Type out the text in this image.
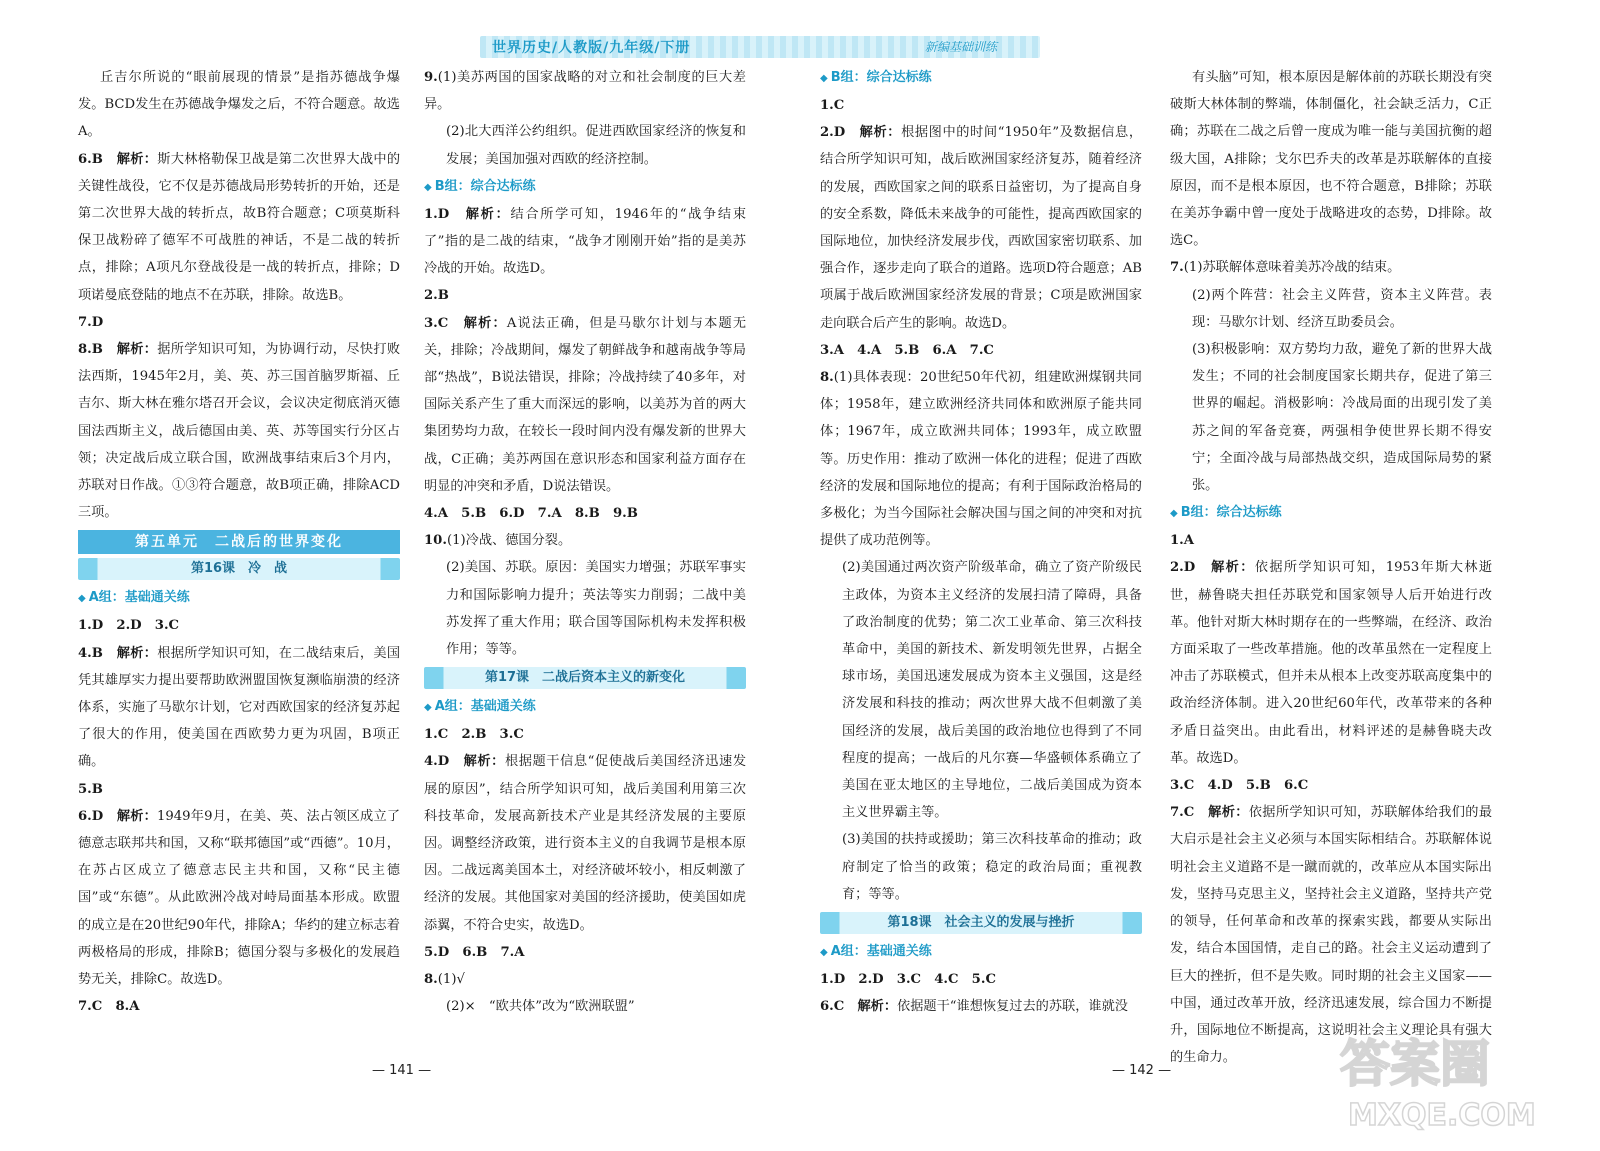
世界历史/人教版/九年级/下册	新编基础训练

丘吉尔所说的“眼前展现的情景”是指苏德战争爆发。BCD发生在苏德战争爆发之后，不符合题意。故选A。

6.B　 解析：斯大林格勒保卫战是第二次世界大战中的关键性战役，它不仅是苏德战局形势转折的开始，还是第二次世界大战的转折点，故B符合题意；C项莫斯科保卫战粉碎了德军不可战胜的神话，不是二战的转折点，排除；A项凡尔登战役是一战的转折点，排除；D项诺曼底登陆的地点不在苏联，排除。故选B。

7.D

8.B　 解析：据所学知识可知，为协调行动，尽快打败法西斯，1945年2月，美、英、苏三国首脑罗斯福、丘吉尔、斯大林在雅尔塔召开会议，会议决定彻底消灭德国法西斯主义，战后德国由美、英、苏等国实行分区占领；决定战后成立联合国，欧洲战事结束后3个月内，苏联对日作战。①③符合题意，故B项正确，排除ACD三项。

第五单元　二战后的世界变化
第16课　冷　战

◆ A组：基础通关练

1.D　2.D　3.C

4.B　 解析：根据所学知识可知，在二战结束后，美国凭其雄厚实力提出要帮助欧洲盟国恢复濒临崩溃的经济体系，实施了马歇尔计划，它对西欧国家的经济复苏起了很大的作用，使美国在西欧势力更为巩固，B项正确。

5.B

6.D　 解析：1949年9月，在美、英、法占领区成立了德意志联邦共和国，又称“联邦德国”或“西德”。10月，在苏占区成立了德意志民主共和国，又称“民主德国”或“东德”。从此欧洲冷战对峙局面基本形成。欧盟的成立是在20世纪90年代，排除A；华约的建立标志着两极格局的形成，排除B；德国分裂与多极化的发展趋势无关，排除C。故选D。

7.C　8.A

9.(1)美苏两国的国家战略的对立和社会制度的巨大差异。

(2)北大西洋公约组织。促进西欧国家经济的恢复和发展；美国加强对西欧的经济控制。

◆ B组：综合达标练

1.D　 解析：结合所学可知，1946年的“战争结束了”指的是二战的结束，“战争才刚刚开始”指的是美苏冷战的开始。故选D。

2.B

3.C　 解析：A说法正确，但是马歇尔计划与本题无关，排除；冷战期间，爆发了朝鲜战争和越南战争等局部“热战”，B说法错误，排除；冷战持续了40多年，对国际关系产生了重大而深远的影响，以美苏为首的两大集团势均力敌，在较长一段时间内没有爆发新的世界大战，C正确；美苏两国在意识形态和国家利益方面存在明显的冲突和矛盾，D说法错误。

4.A　5.B　6.D　7.A　8.B　9.B

10.(1)冷战、德国分裂。

(2)美国、苏联。原因：美国实力增强；苏联军事实力和国际影响力提升；英法等实力削弱；二战中美苏发挥了重大作用；联合国等国际机构未发挥积极作用；等等。

第17课　二战后资本主义的新变化

◆ A组：基础通关练

1.C　2.B　3.C

4.D　 解析：根据题干信息“促使战后美国经济迅速发展的原因”，结合所学知识可知，战后美国利用第三次科技革命，发展高新技术产业是其经济发展的主要原因。调整经济政策，进行资本主义的自我调节是根本原因。二战远离美国本土，对经济破坏较小，相反刺激了经济的发展。其他国家对美国的经济援助，使美国如虎添翼，不符合史实，故选D。

5.D　6.B　7.A

8.(1)√

(2)×　“欧共体”改为“欧洲联盟”

◆ B组：综合达标练

1.C

2.D　 解析：根据图中的时间“1950年”及数据信息，结合所学知识可知，战后欧洲国家经济复苏，随着经济的发展，西欧国家之间的联系日益密切，为了提高自身的安全系数，降低未来战争的可能性，提高西欧国家的国际地位，加快经济发展步伐，西欧国家密切联系、加强合作，逐步走向了联合的道路。选项D符合题意；AB项属于战后欧洲国家经济发展的背景；C项是欧洲国家走向联合后产生的影响。故选D。

3.A　4.A　5.B　6.A　7.C

8.(1)具体表现：20世纪50年代初，组建欧洲煤钢共同体；1958年，建立欧洲经济共同体和欧洲原子能共同体；1967年，成立欧洲共同体；1993年，成立欧盟等。历史作用：推动了欧洲一体化的进程；促进了西欧经济的发展和国际地位的提高；有利于国际政治格局的多极化；为当今国际社会解决国与国之间的冲突和对抗提供了成功范例等。

(2)美国通过两次资产阶级革命，确立了资产阶级民主政体，为资本主义经济的发展扫清了障碍，具备了政治制度的优势；第二次工业革命、第三次科技革命中，美国的新技术、新发明领先世界，占据全球市场，美国迅速发展成为资本主义强国，这是经济发展和科技的推动；两次世界大战不但刺激了美国经济的发展，战后美国的政治地位也得到了不同程度的提高；一战后的凡尔赛—华盛顿体系确立了美国在亚太地区的主导地位，二战后美国成为资本主义世界霸主等。

(3)美国的扶持或援助；第三次科技革命的推动；政府制定了恰当的政策；稳定的政治局面；重视教育；等等。

第18课　社会主义的发展与挫折

◆ A组：基础通关练

1.D　2.D　3.C　4.C　5.C

6.C　 解析：依据题干“谁想恢复过去的苏联，谁就没

有头脑”可知，根本原因是解体前的苏联长期没有突破斯大林体制的弊端，体制僵化，社会缺乏活力，C正确；苏联在二战之后曾一度成为唯一能与美国抗衡的超级大国，A排除；戈尔巴乔夫的改革是苏联解体的直接原因，而不是根本原因，也不符合题意，B排除；苏联在美苏争霸中曾一度处于战略进攻的态势，D排除。故选C。

7.(1)苏联解体意味着美苏冷战的结束。

(2)两个阵营：社会主义阵营，资本主义阵营。表现：马歇尔计划、经济互助委员会。

(3)积极影响：双方势均力敌，避免了新的世界大战发生；不同的社会制度国家长期共存，促进了第三世界的崛起。消极影响：冷战局面的出现引发了美苏之间的军备竞赛，两强相争使世界长期不得安宁；全面冷战与局部热战交织，造成国际局势的紧张。

◆ B组：综合达标练

1.A

2.D　 解析：依据所学知识可知，1953年斯大林逝世，赫鲁晓夫担任苏联党和国家领导人后开始进行改革。他针对斯大林时期存在的一些弊端，在经济、政治方面采取了一些改革措施。他的改革虽然在一定程度上冲击了苏联模式，但并未从根本上改变苏联高度集中的政治经济体制。进入20世纪60年代，改革带来的各种矛盾日益突出。由此看出，材料评述的是赫鲁晓夫改革。故选D。

3.C　4.D　5.B　6.C

7.C　 解析：依据所学知识可知，苏联解体给我们的最大启示是社会主义必须与本国实际相结合。苏联解体说明社会主义道路不是一蹴而就的，改革应从本国实际出发，坚持马克思主义，坚持社会主义道路，坚持共产党的领导，任何革命和改革的探索实践，都要从实际出发，结合本国国情，走自己的路。社会主义运动遭到了巨大的挫折，但不是失败。同时期的社会主义国家——中国，通过改革开放，经济迅速发展，综合国力不断提升，国际地位不断提高，这说明社会主义理论具有强大的生命力。

— 141 —	— 142 —	答案圈
MXQE.COM
